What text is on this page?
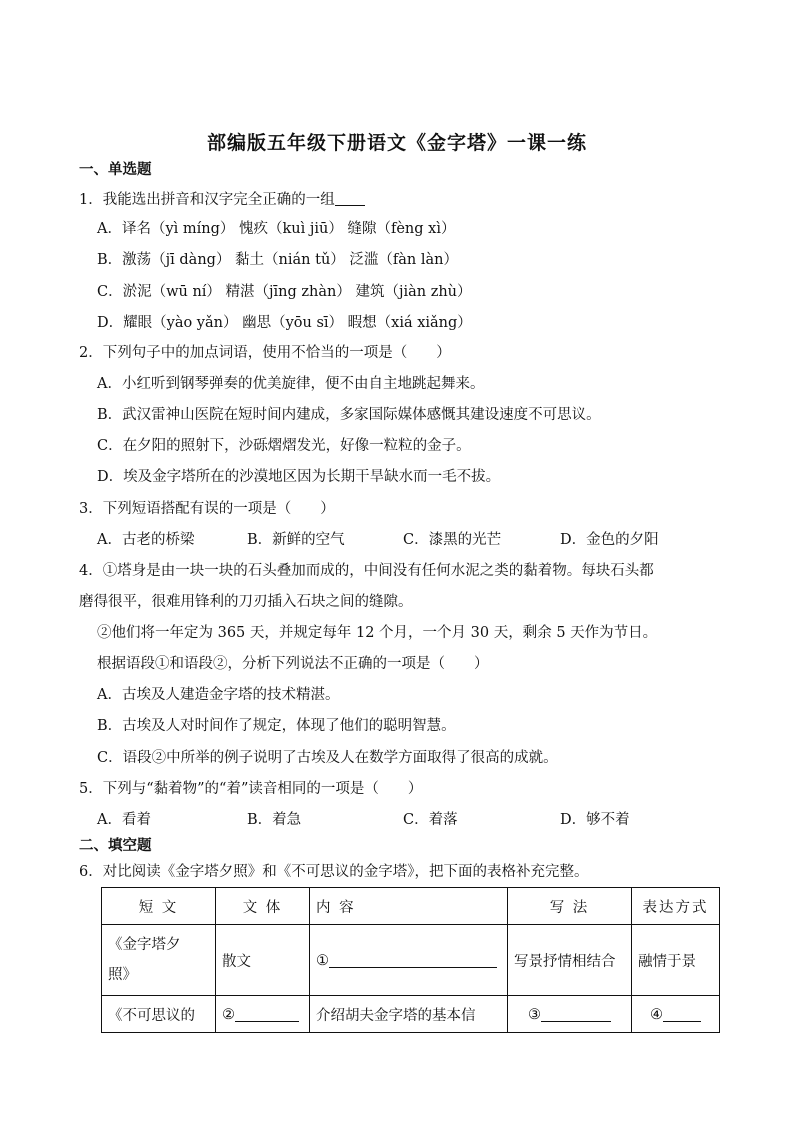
部编版五年级下册语文《金字塔》一课一练
一、单选题
1．我能选出拼音和汉字完全正确的一组
A．译名（yì míng） 愧疚（kuì jiū） 缝隙（fèng xì）
B．激荡（jī dàng） 黏土（nián tǔ） 泛滥（fàn làn）
C．淤泥（wū ní） 精湛（jīng zhàn） 建筑（jiàn zhù）
D．耀眼（yào yǎn） 幽思（yōu sī） 暇想（xiá xiǎng）
2．下列句子中的加点词语，使用不恰当的一项是（　　）
A．小红听到钢琴弹奏的优美旋律，便不由自主地跳起舞来。
B．武汉雷神山医院在短时间内建成，多家国际媒体感慨其建设速度不可思议。
C．在夕阳的照射下，沙砾熠熠发光，好像一粒粒的金子。
D．埃及金字塔所在的沙漠地区因为长期干旱缺水而一毛不拔。
3．下列短语搭配有误的一项是（　　）
A．古老的桥梁	B．新鲜的空气	C．漆黑的光芒	D．金色的夕阳
4．①塔身是由一块一块的石头叠加而成的，中间没有任何水泥之类的黏着物。每块石头都
磨得很平，很难用锋利的刀刃插入石块之间的缝隙。
②他们将一年定为 365 天，并规定每年 12 个月，一个月 30 天，剩余 5 天作为节日。
根据语段①和语段②，分析下列说法不正确的一项是（　　）
A．古埃及人建造金字塔的技术精湛。
B．古埃及人对时间作了规定，体现了他们的聪明智慧。
C．语段②中所举的例子说明了古埃及人在数学方面取得了很高的成就。
5．下列与“黏着物”的“着”读音相同的一项是（　　）
A．看着	B．着急	C．着落	D．够不着
二、填空题
6．对比阅读《金字塔夕照》和《不可思议的金字塔》，把下面的表格补充完整。
短 文	文 体	内 容	写 法	表达方式

《金字塔夕
照》	散文	①	写景抒情相结合	融情于景
《不可思议的	②	介绍胡夫金字塔的基本信	③	④
